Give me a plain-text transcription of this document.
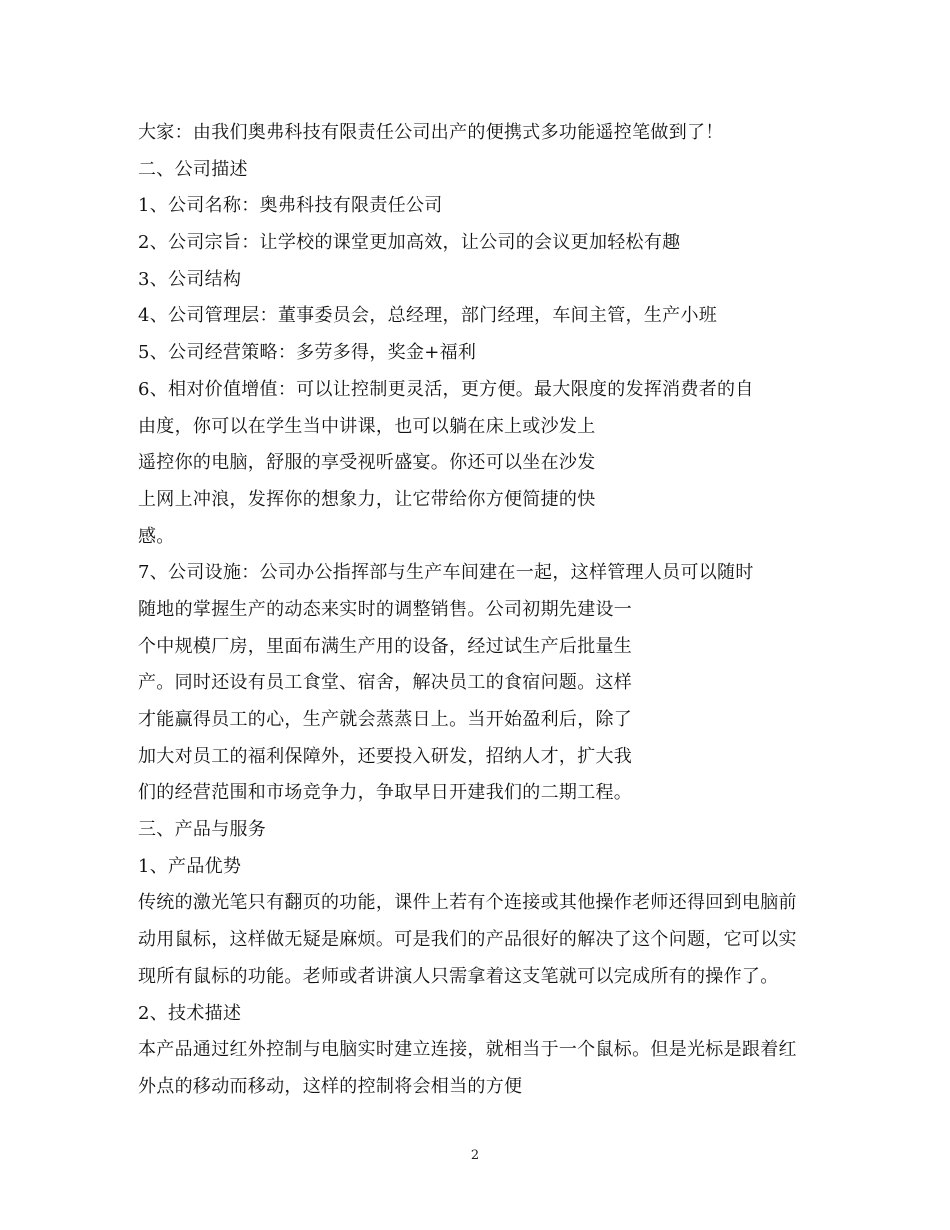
大家：由我们奥弗科技有限责任公司出产的便携式多功能遥控笔做到了！
二、公司描述
1、公司名称：奥弗科技有限责任公司
2、公司宗旨：让学校的课堂更加高效，让公司的会议更加轻松有趣
3、公司结构
4、公司管理层：董事委员会，总经理，部门经理，车间主管，生产小班
5、公司经营策略：多劳多得，奖金+福利
6、相对价值增值：可以让控制更灵活，更方便。最大限度的发挥消费者的自
由度，你可以在学生当中讲课，也可以躺在床上或沙发上
遥控你的电脑，舒服的享受视听盛宴。你还可以坐在沙发
上网上冲浪，发挥你的想象力，让它带给你方便简捷的快
感。
7、公司设施：公司办公指挥部与生产车间建在一起，这样管理人员可以随时
随地的掌握生产的动态来实时的调整销售。公司初期先建设一
个中规模厂房，里面布满生产用的设备，经过试生产后批量生
产。同时还设有员工食堂、宿舍，解决员工的食宿问题。这样
才能赢得员工的心，生产就会蒸蒸日上。当开始盈利后，除了
加大对员工的福利保障外，还要投入研发，招纳人才，扩大我
们的经营范围和市场竞争力，争取早日开建我们的二期工程。
三、产品与服务
1、产品优势
传统的激光笔只有翻页的功能，课件上若有个连接或其他操作老师还得回到电脑前
动用鼠标，这样做无疑是麻烦。可是我们的产品很好的解决了这个问题，它可以实
现所有鼠标的功能。老师或者讲演人只需拿着这支笔就可以完成所有的操作了。
2、技术描述
本产品通过红外控制与电脑实时建立连接，就相当于一个鼠标。但是光标是跟着红
外点的移动而移动，这样的控制将会相当的方便
2
